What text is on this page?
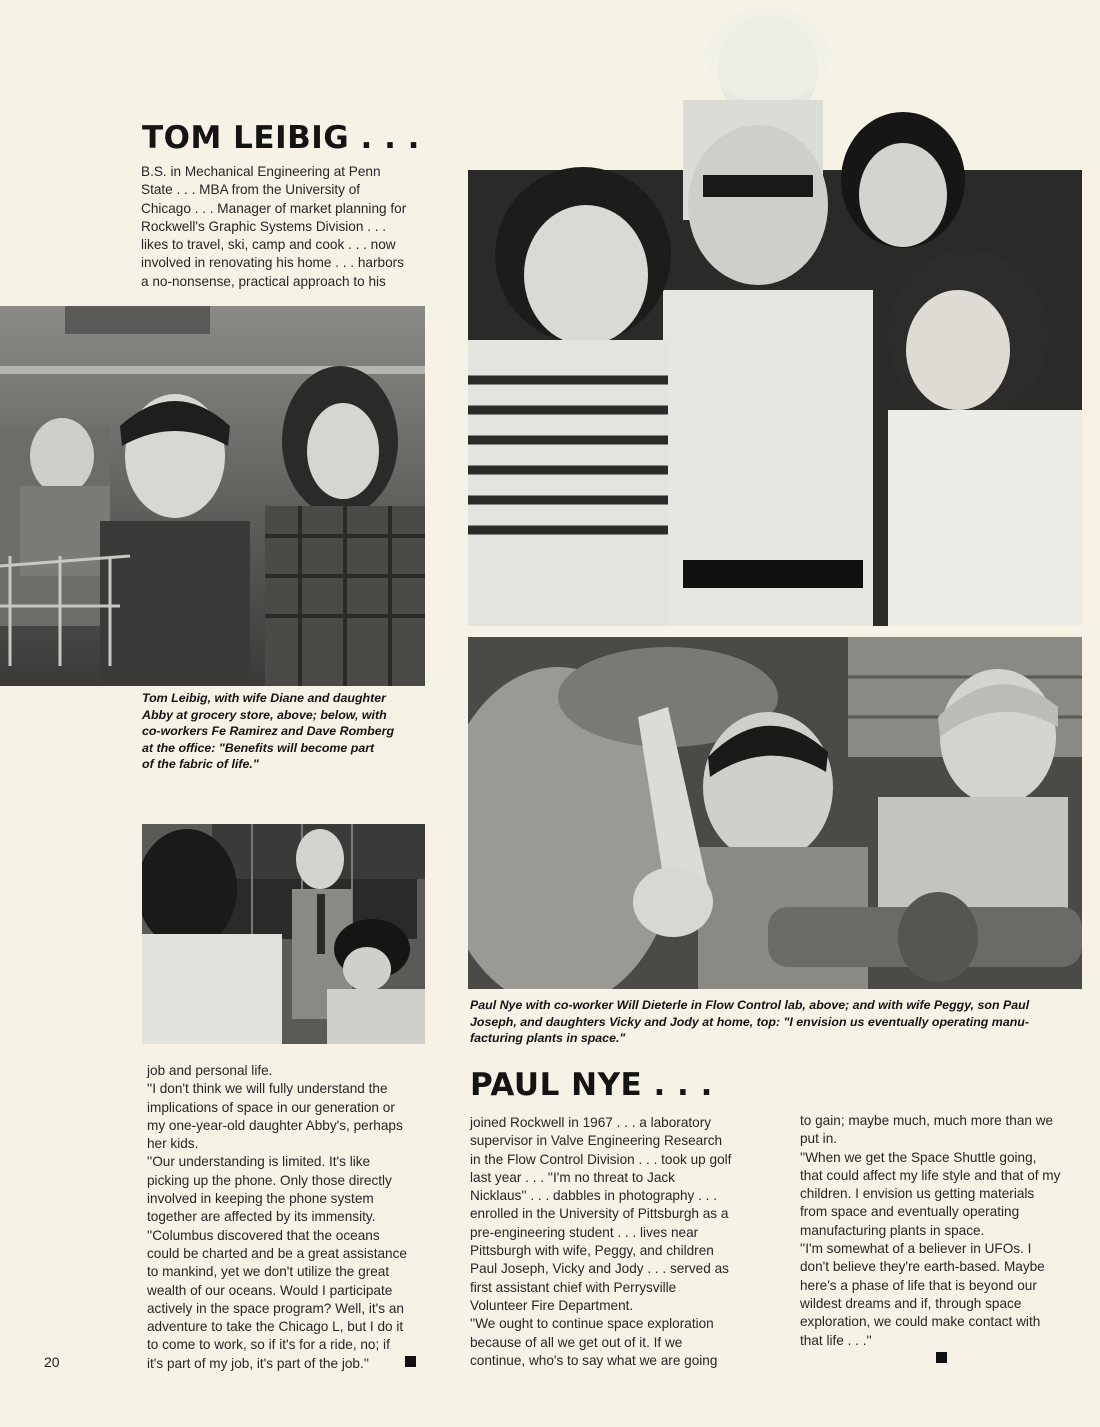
TOM LEIBIG . . .
B.S. in Mechanical Engineering at Penn
State . . . MBA from the University of
Chicago . . . Manager of market planning for
Rockwell's Graphic Systems Division . . .
likes to travel, ski, camp and cook . . . now
involved in renovating his home . . . harbors
a no-nonsense, practical approach to his
Tom Leibig, with wife Diane and daughter
Abby at grocery store, above; below, with
co-workers Fe Ramirez and Dave Romberg
at the office: "Benefits will become part
of the fabric of life."
Paul Nye with co-worker Will Dieterle in Flow Control lab, above; and with wife Peggy, son Paul
Joseph, and daughters Vicky and Jody at home, top: "I envision us eventually operating manu-
facturing plants in space."
job and personal life.
''I don't think we will fully understand the
implications of space in our generation or
my one-year-old daughter Abby's, perhaps
her kids.
''Our understanding is limited. It's like
picking up the phone. Only those directly
involved in keeping the phone system
together are affected by its immensity.
''Columbus discovered that the oceans
could be charted and be a great assistance
to mankind, yet we don't utilize the great
wealth of our oceans. Would I participate
actively in the space program? Well, it's an
adventure to take the Chicago L, but I do it
to come to work, so if it's for a ride, no; if
it's part of my job, it's part of the job.''
PAUL NYE . . .
joined Rockwell in 1967 . . . a laboratory
supervisor in Valve Engineering Research
in the Flow Control Division . . . took up golf
last year . . . ''I'm no threat to Jack
Nicklaus'' . . . dabbles in photography . . .
enrolled in the University of Pittsburgh as a
pre-engineering student . . . lives near
Pittsburgh with wife, Peggy, and children
Paul Joseph, Vicky and Jody . . . served as
first assistant chief with Perrysville
Volunteer Fire Department.
''We ought to continue space exploration
because of all we get out of it. If we
continue, who's to say what we are going
to gain; maybe much, much more than we
put in.
''When we get the Space Shuttle going,
that could affect my life style and that of my
children. I envision us getting materials
from space and eventually operating
manufacturing plants in space.
''I'm somewhat of a believer in UFOs. I
don't believe they're earth-based. Maybe
here's a phase of life that is beyond our
wildest dreams and if, through space
exploration, we could make contact with
that life . . .''
20
